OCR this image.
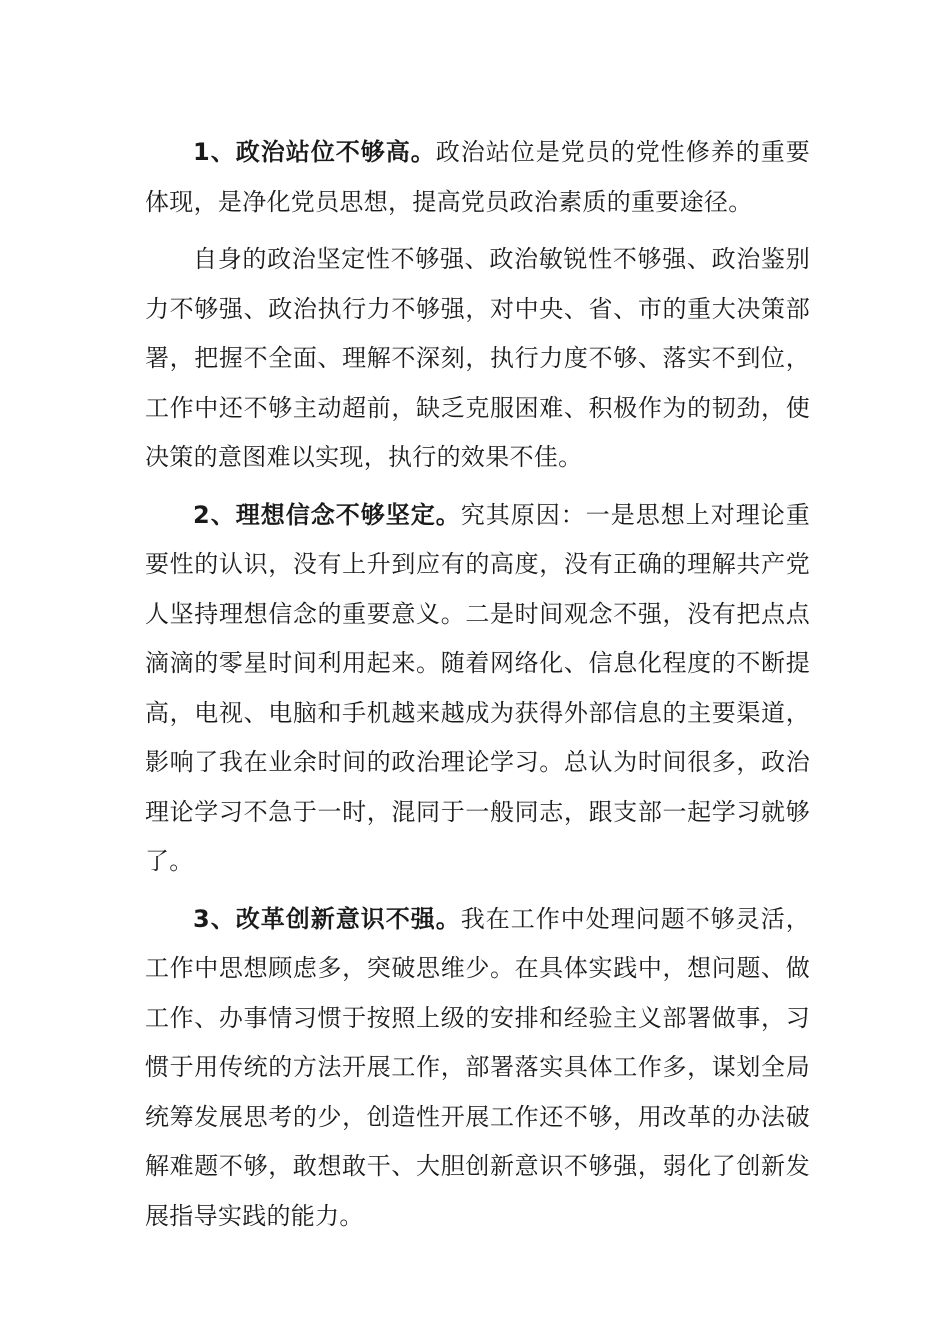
1、政治站位不够高。政治站位是党员的党性修养的重要体现，是净化党员思想，提高党员政治素质的重要途径。

自身的政治坚定性不够强、政治敏锐性不够强、政治鉴别力不够强、政治执行力不够强，对中央、省、市的重大决策部署，把握不全面、理解不深刻，执行力度不够、落实不到位，工作中还不够主动超前，缺乏克服困难、积极作为的韧劲，使决策的意图难以实现，执行的效果不佳。

2、理想信念不够坚定。究其原因：一是思想上对理论重要性的认识，没有上升到应有的高度，没有正确的理解共产党人坚持理想信念的重要意义。二是时间观念不强，没有把点点滴滴的零星时间利用起来。随着网络化、信息化程度的不断提高，电视、电脑和手机越来越成为获得外部信息的主要渠道，影响了我在业余时间的政治理论学习。总认为时间很多，政治理论学习不急于一时，混同于一般同志，跟支部一起学习就够了。

3、改革创新意识不强。我在工作中处理问题不够灵活，工作中思想顾虑多，突破思维少。在具体实践中，想问题、做工作、办事情习惯于按照上级的安排和经验主义部署做事，习惯于用传统的方法开展工作，部署落实具体工作多，谋划全局统筹发展思考的少，创造性开展工作还不够，用改革的办法破解难题不够，敢想敢干、大胆创新意识不够强，弱化了创新发展指导实践的能力。
